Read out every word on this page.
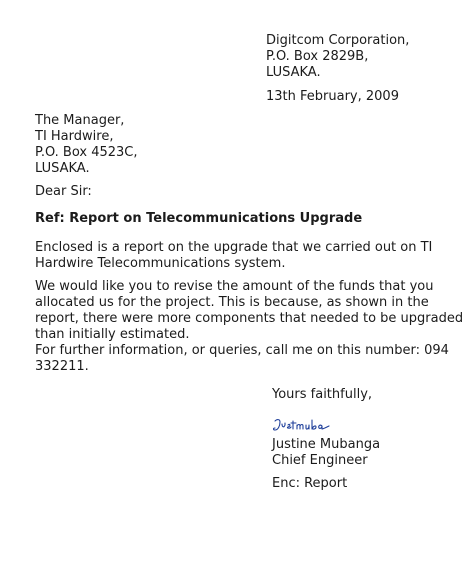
Digitcom Corporation,
P.O. Box 2829B,
LUSAKA.
13th February, 2009
The Manager,
TI Hardwire,
P.O. Box 4523C,
LUSAKA.
Dear Sir:
Ref: Report on Telecommunications Upgrade
Enclosed is a report on the upgrade that we carried out on TI
Hardwire Telecommunications system.
We would like you to revise the amount of the funds that you
allocated us for the project. This is because, as shown in the
report, there were more components that needed to be upgraded
than initially estimated.
For further information, or queries, call me on this number: 094
332211.
Yours faithfully,
Justine Mubanga
Chief Engineer
Enc: Report
